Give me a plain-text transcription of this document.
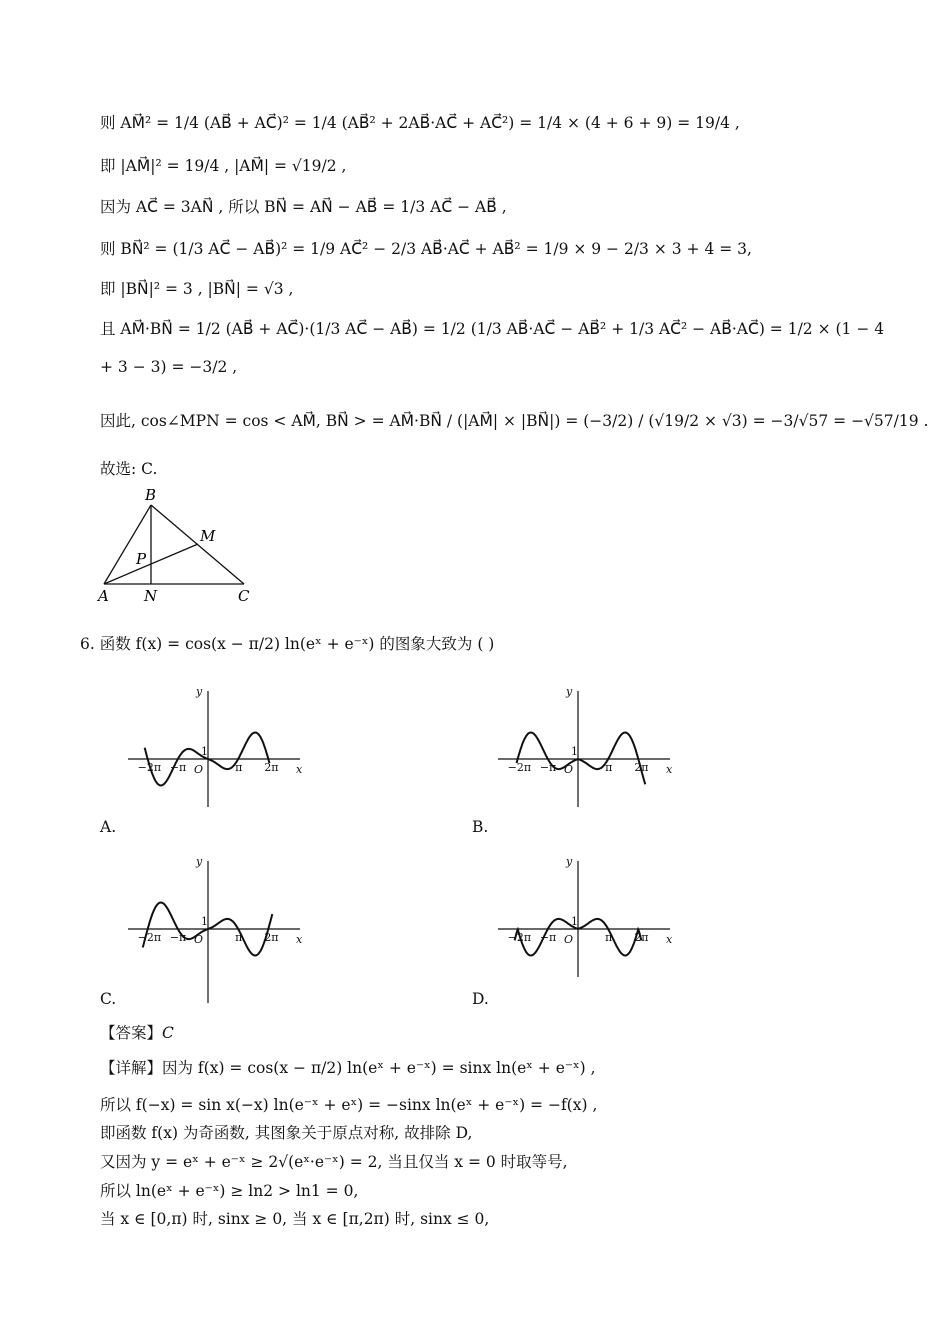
则 AM⃗² = 1/4 (AB⃗ + AC⃗)² = 1/4 (AB⃗² + 2AB⃗·AC⃗ + AC⃗²) = 1/4 × (4 + 6 + 9) = 19/4 ,
即 |AM⃗|² = 19/4 , |AM⃗| = √19/2 ,
因为 AC⃗ = 3AN⃗ , 所以 BN⃗ = AN⃗ − AB⃗ = 1/3 AC⃗ − AB⃗ ,
则 BN⃗² = (1/3 AC⃗ − AB⃗)² = 1/9 AC⃗² − 2/3 AB⃗·AC⃗ + AB⃗² = 1/9 × 9 − 2/3 × 3 + 4 = 3,
即 |BN⃗|² = 3 , |BN⃗| = √3 ,
且 AM⃗·BN⃗ = 1/2 (AB⃗ + AC⃗)·(1/3 AC⃗ − AB⃗) = 1/2 (1/3 AB⃗·AC⃗ − AB⃗² + 1/3 AC⃗² − AB⃗·AC⃗) = 1/2 × (1 − 4
+ 3 − 3) = −3/2 ,
因此, cos∠MPN = cos < AM⃗, BN⃗ > = AM⃗·BN⃗ / (|AM⃗| × |BN⃗|) = (−3/2) / (√19/2 × √3) = −3/√57 = −√57/19 .
故选: C.
B
M
P
A N	C
6. 函数 f(x) = cos(x − π/2) ln(eˣ + e⁻ˣ) 的图象大致为 ( )
y
x
O
1
−2π −π	π 2π
A.
y
x
O
1
−2π −π	π 2π
B.
y
x
O
1
−2π −π	π 2π
C.
y
x
O
1
−2π −π	π 2π
D.
【答案】C
【详解】因为 f(x) = cos(x − π/2) ln(eˣ + e⁻ˣ) = sinx ln(eˣ + e⁻ˣ) ,
所以 f(−x) = sin x(−x) ln(e⁻ˣ + eˣ) = −sinx ln(eˣ + e⁻ˣ) = −f(x) ,
即函数 f(x) 为奇函数, 其图象关于原点对称, 故排除 D,
又因为 y = eˣ + e⁻ˣ ≥ 2√(eˣ·e⁻ˣ) = 2, 当且仅当 x = 0 时取等号,
所以 ln(eˣ + e⁻ˣ) ≥ ln2 > ln1 = 0,
当 x ∈ [0,π) 时, sinx ≥ 0, 当 x ∈ [π,2π) 时, sinx ≤ 0,
